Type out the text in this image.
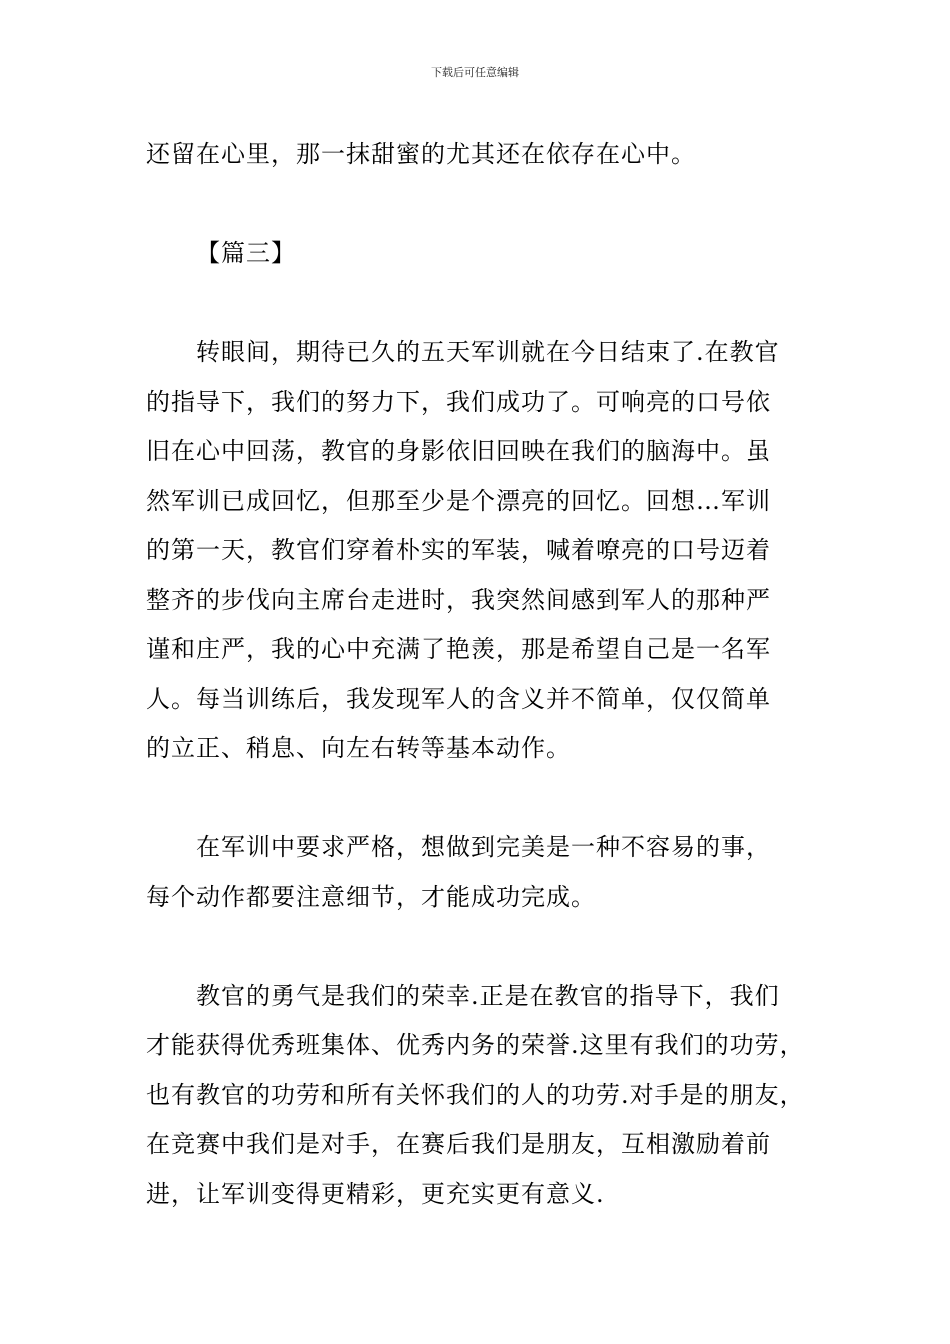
下载后可任意编辑

还留在心里，那一抹甜蜜的尤其还在依存在心中。

【篇三】

转眼间，期待已久的五天军训就在今日结束了.在教官
的指导下，我们的努力下，我们成功了。可响亮的口号依
旧在心中回荡，教官的身影依旧回映在我们的脑海中。虽
然军训已成回忆，但那至少是个漂亮的回忆。回想…军训
的第一天，教官们穿着朴实的军装，喊着嘹亮的口号迈着
整齐的步伐向主席台走进时，我突然间感到军人的那种严
谨和庄严，我的心中充满了艳羡，那是希望自己是一名军
人。每当训练后，我发现军人的含义并不简单，仅仅简单
的立正、稍息、向左右转等基本动作。

在军训中要求严格，想做到完美是一种不容易的事，
每个动作都要注意细节，才能成功完成。

教官的勇气是我们的荣幸.正是在教官的指导下，我们
才能获得优秀班集体、优秀内务的荣誉.这里有我们的功劳，
也有教官的功劳和所有关怀我们的人的功劳.对手是的朋友，
在竞赛中我们是对手，在赛后我们是朋友，互相激励着前
进，让军训变得更精彩，更充实更有意义.
